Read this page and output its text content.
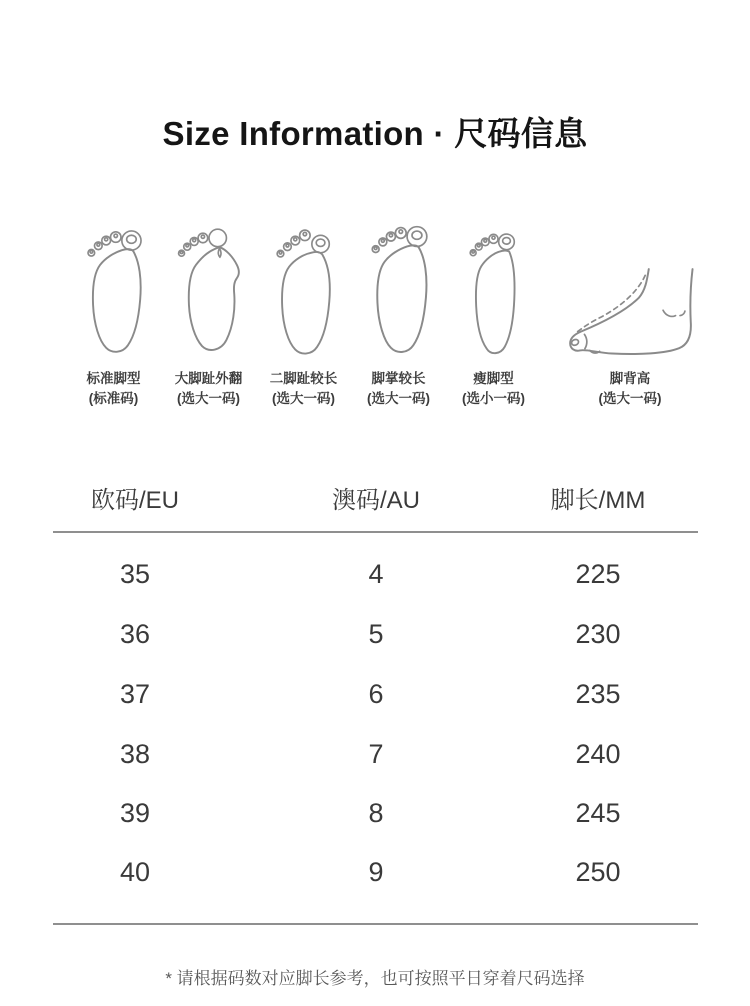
Size Information · 尺码信息
标准脚型
(标准码)
大脚趾外翻
(选大一码)
二脚趾较长
(选大一码)
脚掌较长
(选大一码)
瘦脚型
(选小一码)
脚背高
(选大一码)
欧码/EU	澳码/AU	脚长/MM
35	4	225
36	5	230
37	6	235
38	7	240
39	8	245
40	9	250

* 请根据码数对应脚长参考，也可按照平日穿着尺码选择
